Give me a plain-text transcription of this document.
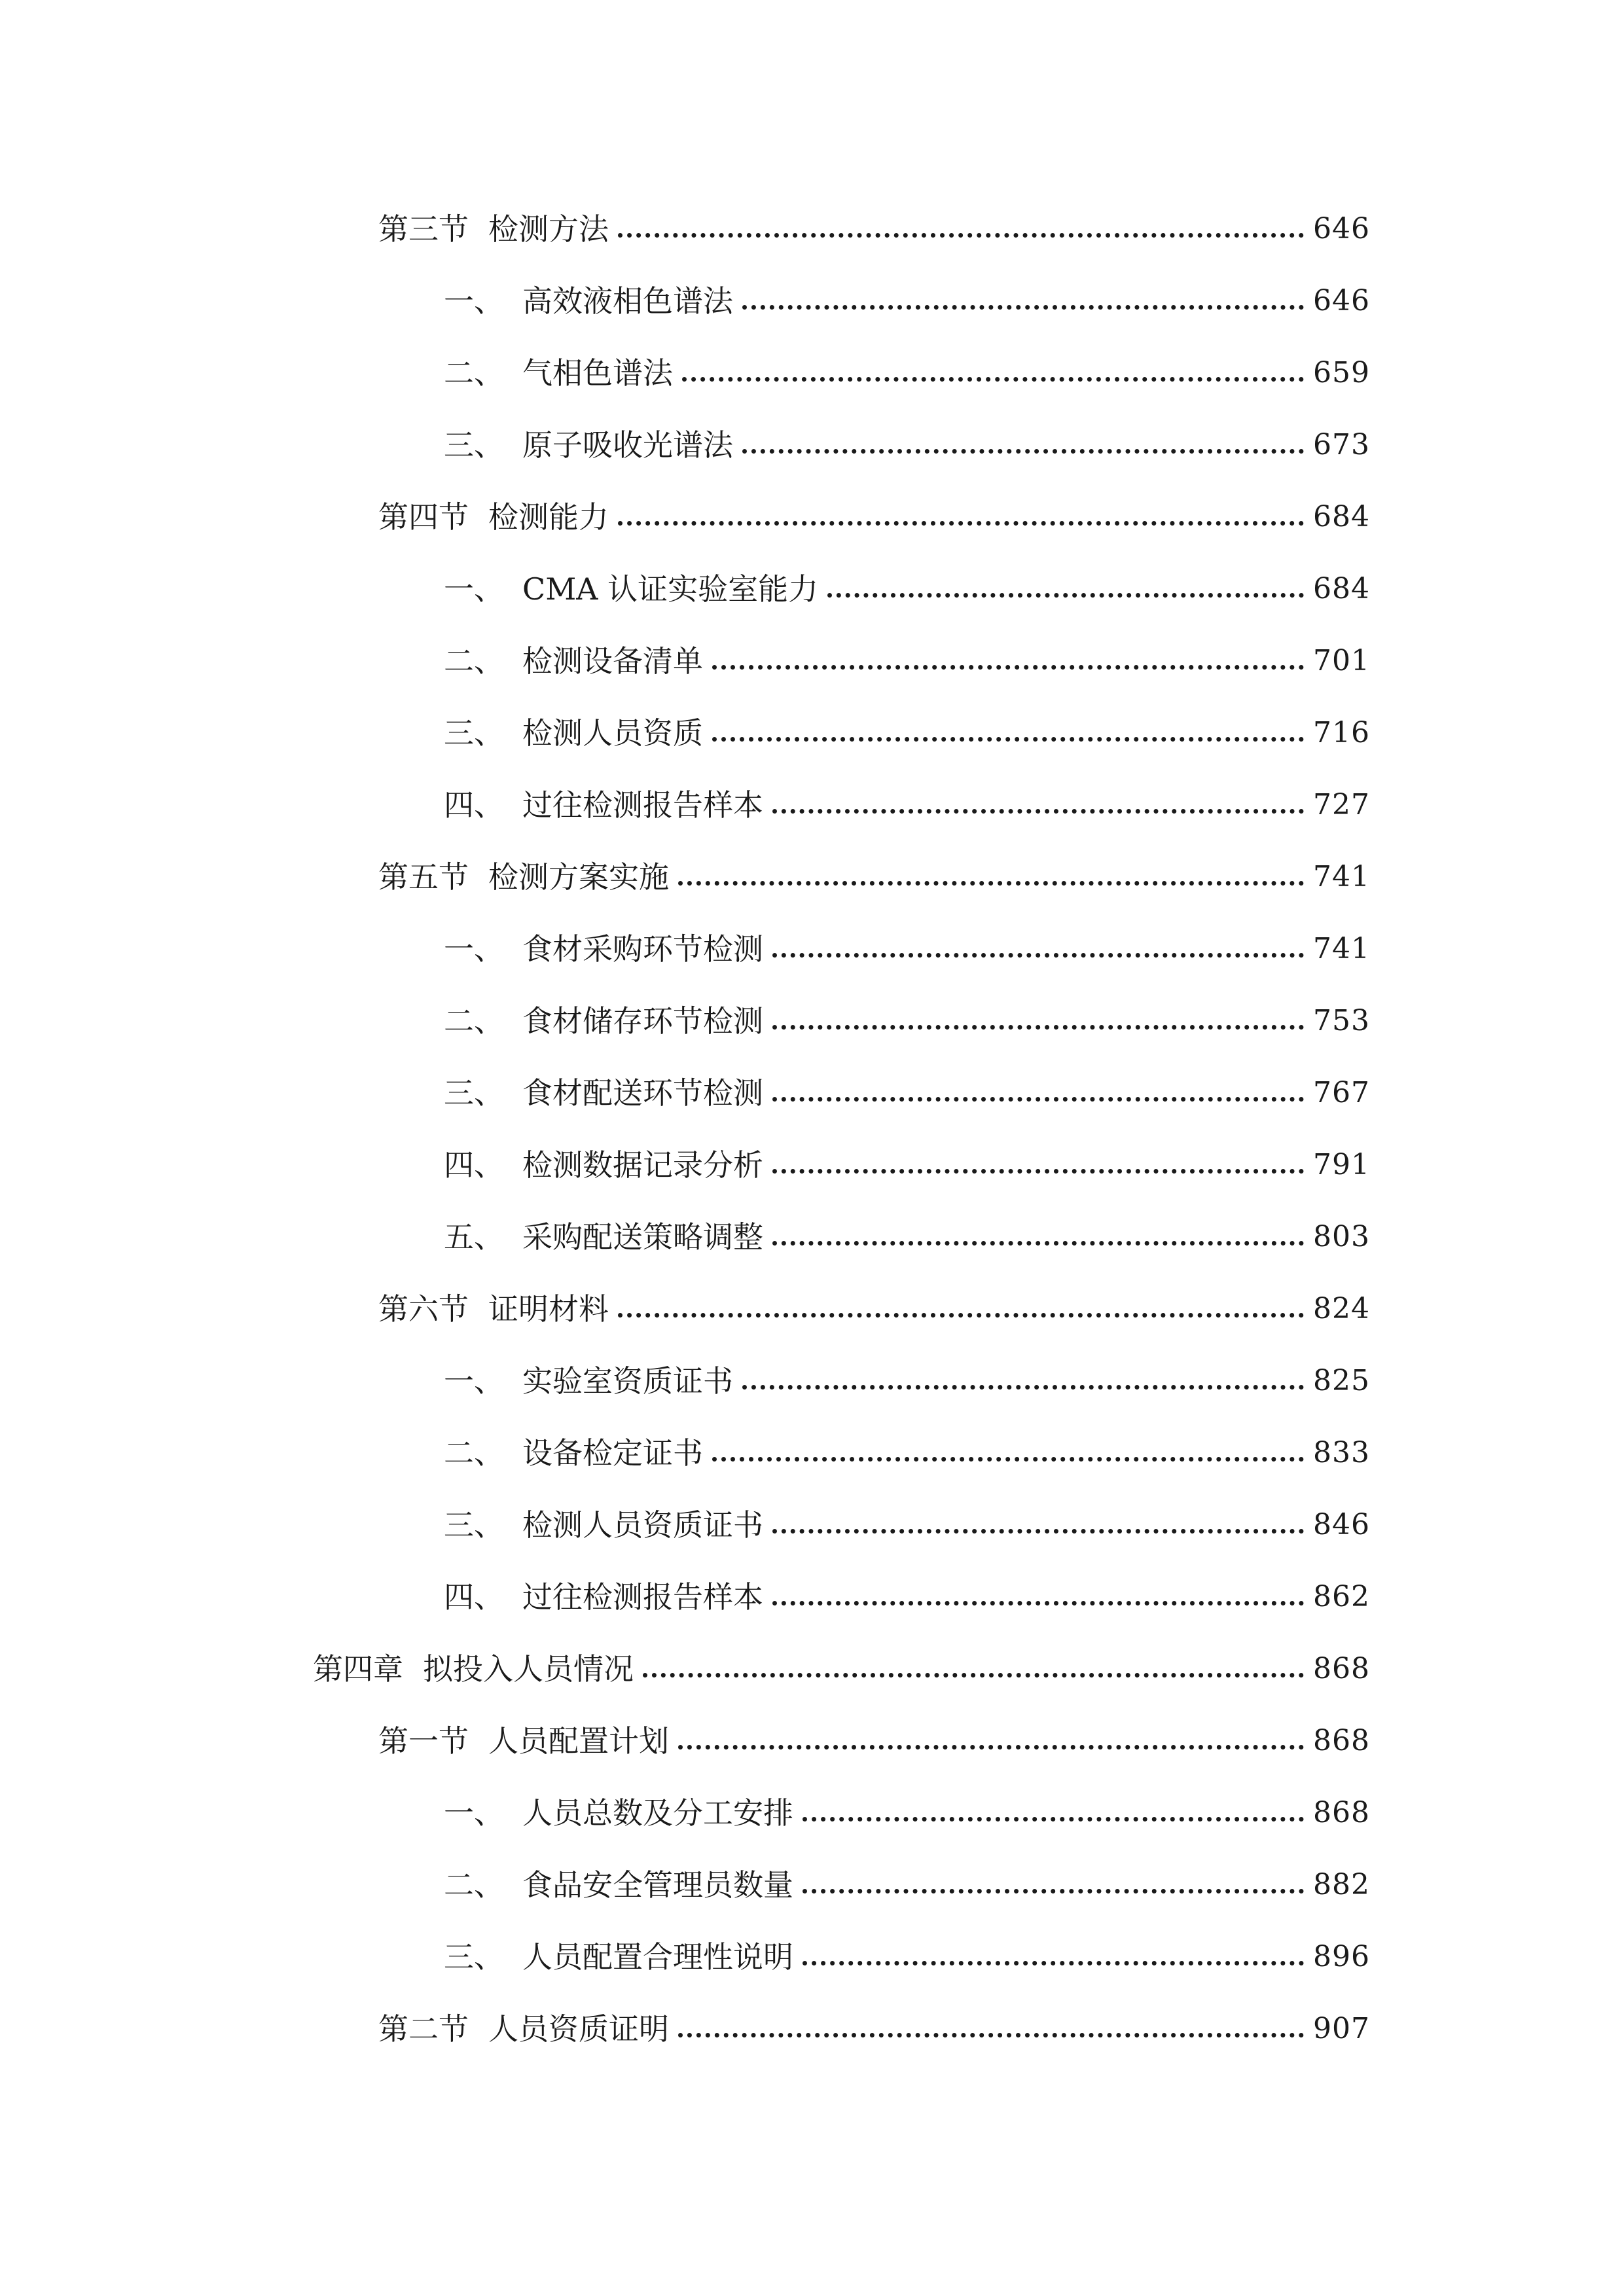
第三节 检测方法	646
一、 高效液相色谱法	646
二、 气相色谱法	659
三、 原子吸收光谱法	673
第四节 检测能力	684
一、 CMA 认证实验室能力	684
二、 检测设备清单	701
三、 检测人员资质	716
四、 过往检测报告样本	727
第五节 检测方案实施	741
一、 食材采购环节检测	741
二、 食材储存环节检测	753
三、 食材配送环节检测	767
四、 检测数据记录分析	791
五、 采购配送策略调整	803
第六节 证明材料	824
一、 实验室资质证书	825
二、 设备检定证书	833
三、 检测人员资质证书	846
四、 过往检测报告样本	862
第四章 拟投入人员情况	868
第一节 人员配置计划	868
一、 人员总数及分工安排	868
二、 食品安全管理员数量	882
三、 人员配置合理性说明	896
第二节 人员资质证明	907
